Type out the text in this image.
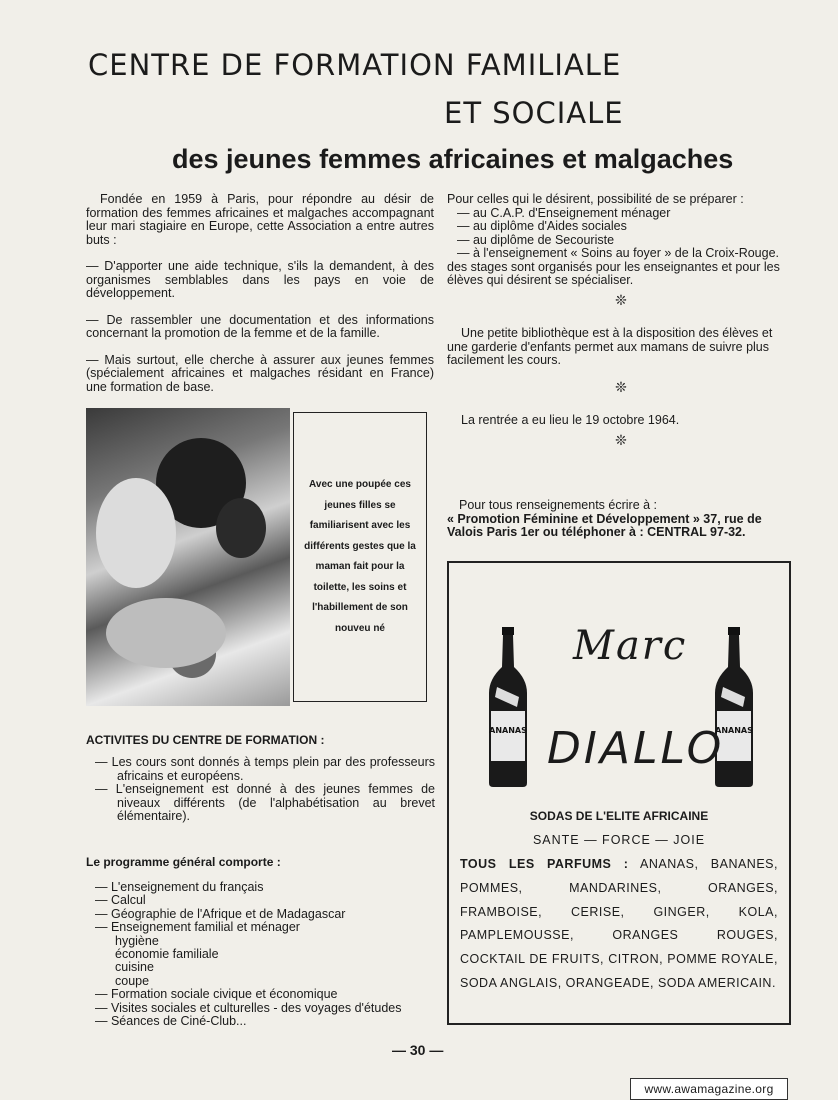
CENTRE DE FORMATION FAMILIALE
ET SOCIALE
des jeunes femmes africaines et malgaches

Fondée en 1959 à Paris, pour répondre au désir de formation des femmes africaines et malgaches accompagnant leur mari stagiaire en Europe, cette Association a entre autres buts :

— D'apporter une aide technique, s'ils la demandent, à des organismes semblables dans les pays en voie de développement.

— De rassembler une documentation et des informations concernant la promotion de la femme et de la famille.

— Mais surtout, elle cherche à assurer aux jeunes femmes (spécialement africaines et malgaches résidant en France) une formation de base.

Avec une poupée ces jeunes filles se familiarisent avec les différents gestes que la maman fait pour la toilette, les soins et l'habillement de son nouveu né
ACTIVITES DU CENTRE DE FORMATION :
— Les cours sont donnés à temps plein par des professeurs africains et européens.
— L'enseignement est donné à des jeunes femmes de niveaux différents (de l'alphabétisation au brevet élémentaire).
Le programme général comporte :
— L'enseignement du français
— Calcul
— Géographie de l'Afrique et de Madagascar
— Enseignement familial et ménager
hygiène
économie familiale
cuisine
coupe
— Formation sociale civique et économique
— Visites sociales et culturelles - des voyages d'études
— Séances de Ciné-Club...
Pour celles qui le désirent, possibilité de se préparer :
— au C.A.P. d'Enseignement ménager
— au diplôme d'Aides sociales
— au diplôme de Secouriste
— à l'enseignement « Soins au foyer » de la Croix-Rouge.
des stages sont organisés pour les enseignantes et pour les élèves qui désirent se spécialiser.
❊

Une petite bibliothèque est à la disposition des élèves et une garderie d'enfants permet aux mamans de suivre plus facilement les cours.

❊

La rentrée a eu lieu le 19 octobre 1964.

❊
Pour tous renseignements écrire à :
« Promotion Féminine et Développement » 37, rue de Valois Paris 1er ou téléphoner à : CENTRAL 97-32.
ANANAS	ANANAS
Marc
DIALLO
SODAS DE L'ELITE AFRICAINE
SANTE — FORCE — JOIE
TOUS LES PARFUMS : ANANAS, BANANES, POMMES, MANDARINES, ORANGES, FRAMBOISE, CERISE, GINGER, KOLA, PAMPLEMOUSSE, ORANGES ROUGES, COCKTAIL DE FRUITS, CITRON, POMME ROYALE, SODA ANGLAIS, ORANGEADE, SODA AMERICAIN.
— 30 —
www.awamagazine.org
